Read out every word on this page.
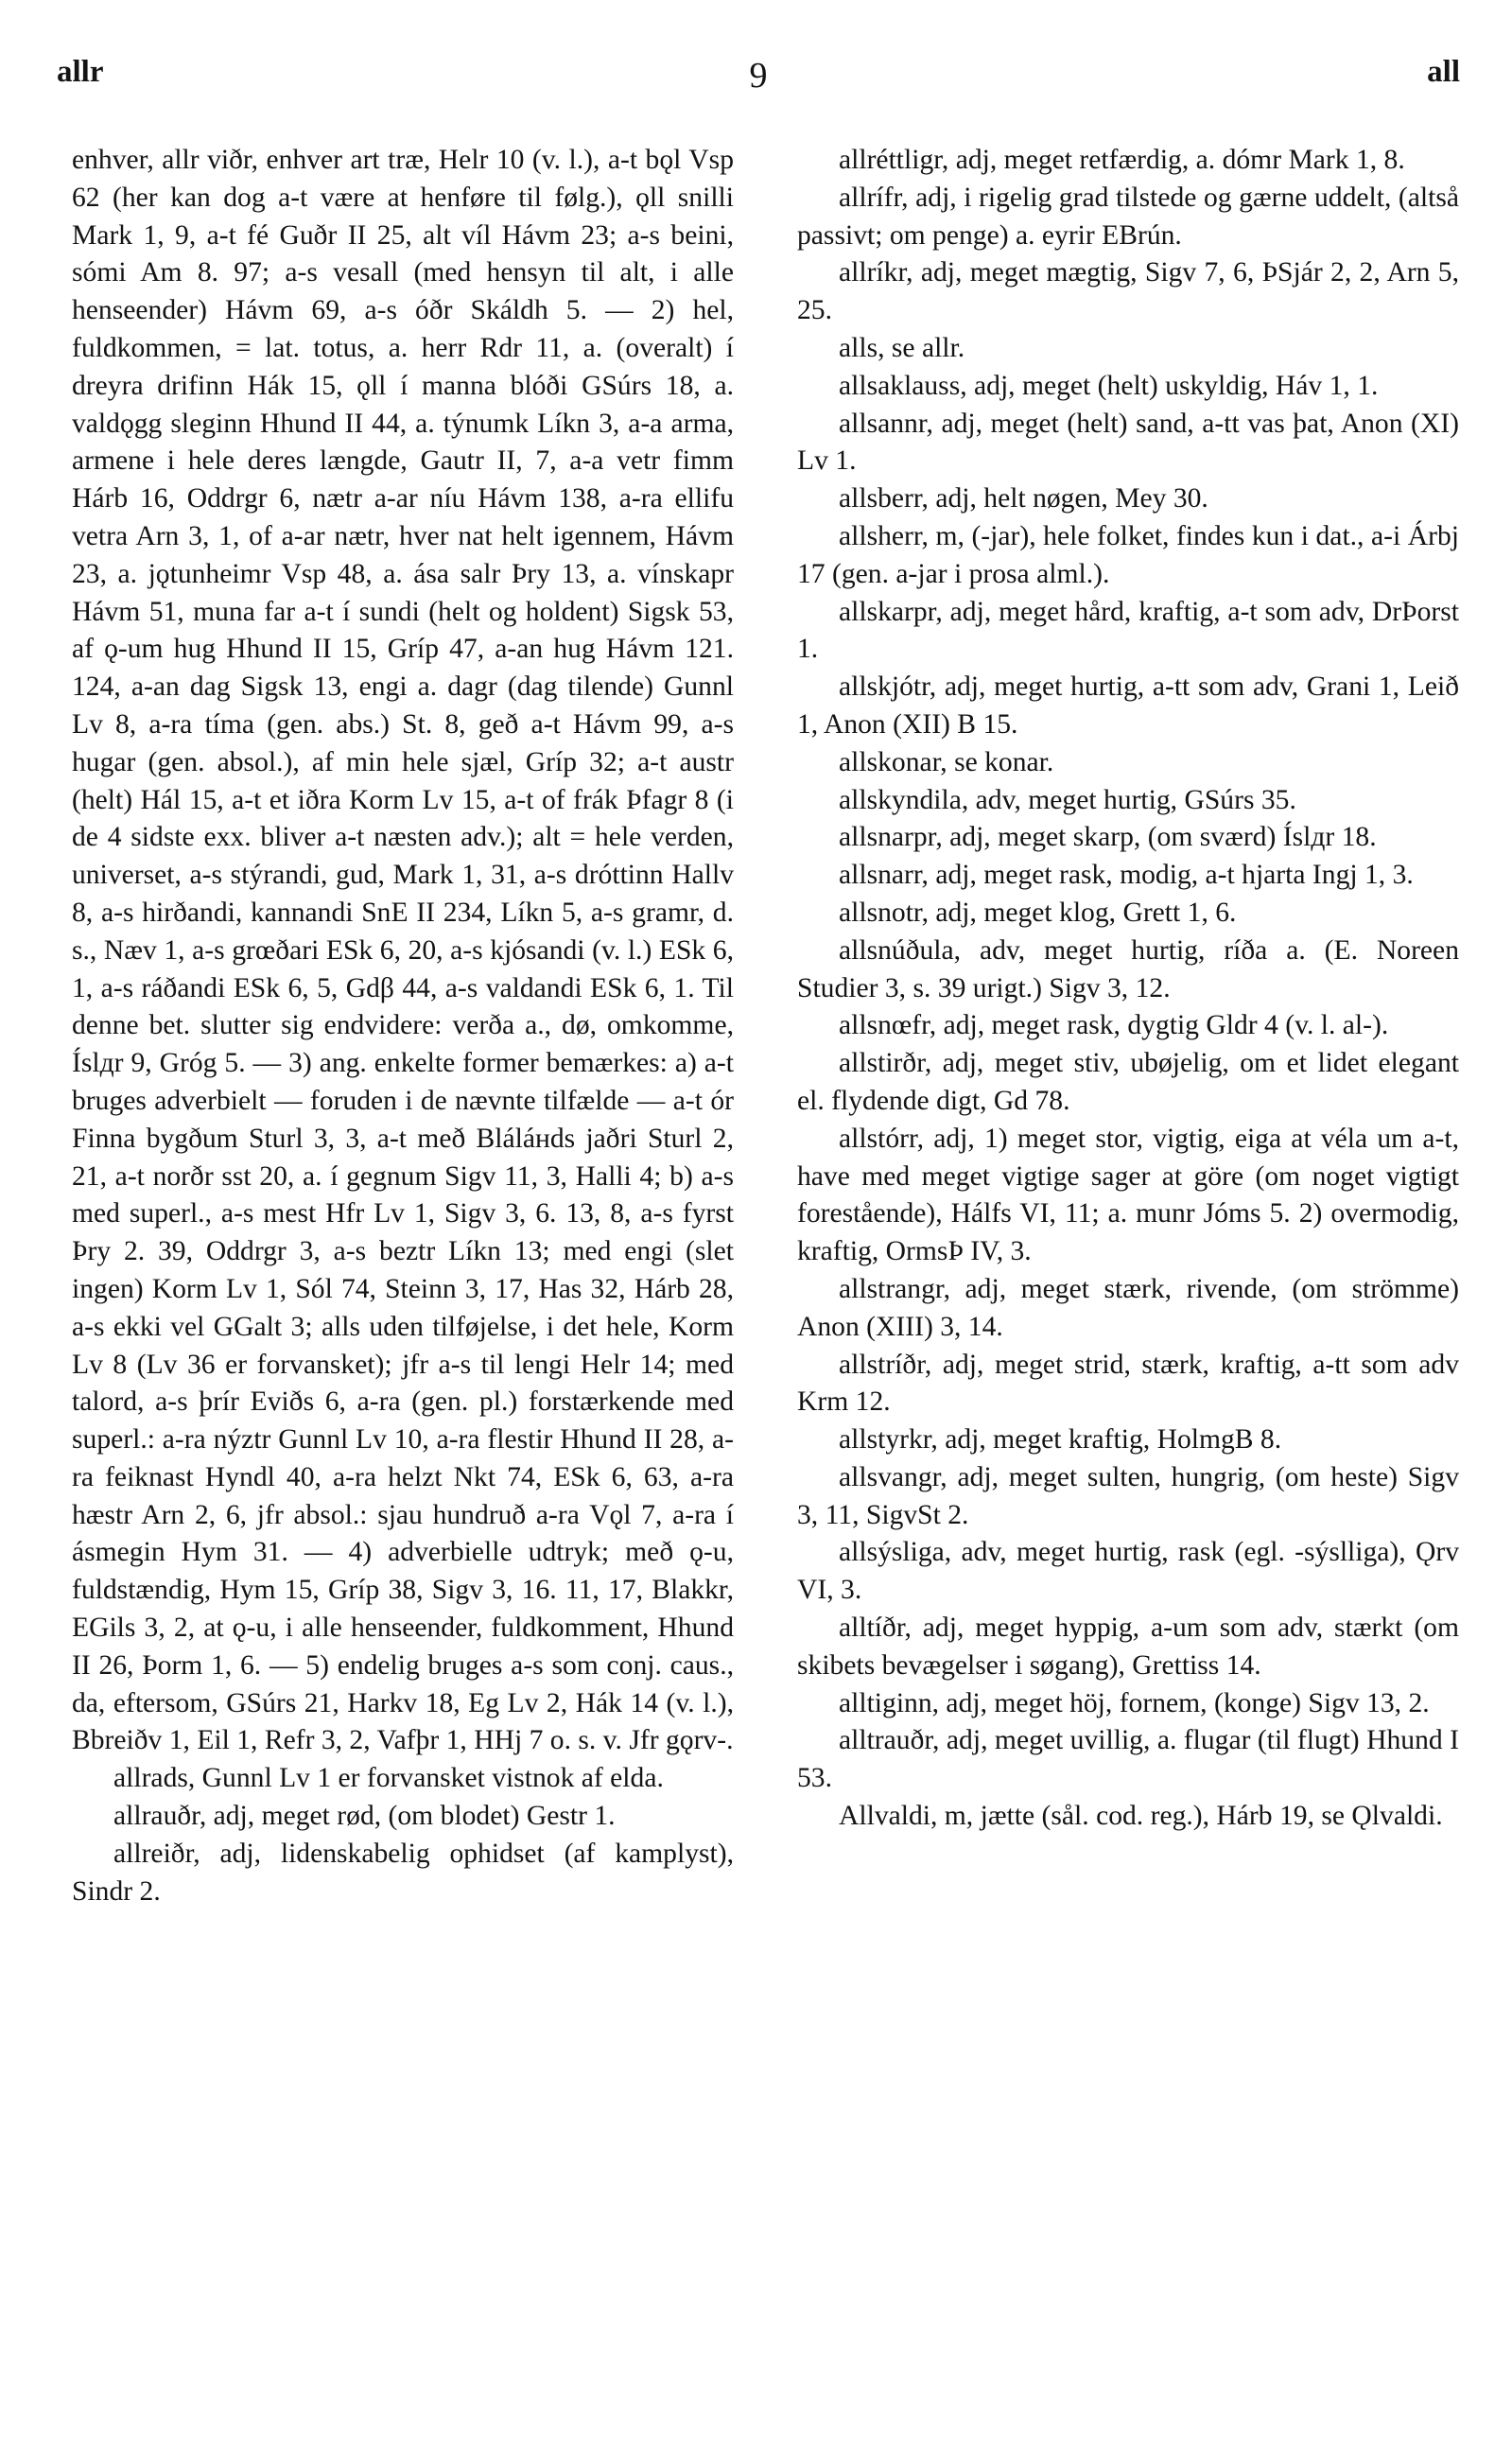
allr	9	all

enhver, allr viðr, enhver art træ, Helr 10 (v. l.), a-t bǫl Vsp 62 (her kan dog a-t være at henføre til følg.), ǫll snilli Mark 1, 9, a-t fé Guðr II 25, alt víl Hávm 23; a-s beini, sómi Am 8. 97; a-s vesall (med hensyn til alt, i alle henseender) Hávm 69, a-s óðr Skáldh 5. — 2) hel, fuldkommen, = lat. totus, a. herr Rdr 11, a. (overalt) í dreyra drifinn Hák 15, ǫll í manna blóði GSúrs 18, a. valdǫgg sleginn Hhund II 44, a. týnumk Líkn 3, a-a arma, armene i hele deres længde, Gautr II, 7, a-a vetr fimm Hárb 16, Oddrgr 6, nætr a-ar níu Hávm 138, a-ra ellifu vetra Arn 3, 1, of a-ar nætr, hver nat helt igennem, Hávm 23, a. jǫtunheimr Vsp 48, a. ása salr Þry 13, a. vínskapr Hávm 51, muna far a-t í sundi (helt og holdent) Sigsk 53, af ǫ-um hug Hhund II 15, Gríp 47, a-an hug Hávm 121. 124, a-an dag Sigsk 13, engi a. dagr (dag tilende) Gunnl Lv 8, a-ra tíma (gen. abs.) St. 8, geð a-t Hávm 99, a-s hugar (gen. absol.), af min hele sjæl, Gríp 32; a-t austr (helt) Hál 15, a-t et iðra Korm Lv 15, a-t of frák Þfagr 8 (i de 4 sidste exx. bliver a-t næsten adv.); alt = hele verden, universet, a-s stýrandi, gud, Mark 1, 31, a-s dróttinn Hallv 8, a-s hirðandi, kannandi SnE II 234, Líkn 5, a-s gramr, d. s., Næv 1, a-s grœðari ESk 6, 20, a-s kjósandi (v. l.) ESk 6, 1, a-s ráðandi ESk 6, 5, Gdβ 44, a-s valdandi ESk 6, 1. Til denne bet. slutter sig endvidere: verða a., dø, omkomme, Íslдr 9, Gróg 5. — 3) ang. enkelte former bemærkes: a) a-t bruges adverbielt — foruden i de nævnte tilfælde — a-t ór Finna bygðum Sturl 3, 3, a-t með Bláláнds jaðri Sturl 2, 21, a-t norðr sst 20, a. í gegnum Sigv 11, 3, Halli 4; b) a-s med superl., a-s mest Hfr Lv 1, Sigv 3, 6. 13, 8, a-s fyrst Þry 2. 39, Oddrgr 3, a-s beztr Líkn 13; med engi (slet ingen) Korm Lv 1, Sól 74, Steinn 3, 17, Has 32, Hárb 28, a-s ekki vel GGalt 3; alls uden tilføjelse, i det hele, Korm Lv 8 (Lv 36 er forvansket); jfr a-s til lengi Helr 14; med talord, a-s þrír Eviðs 6, a-ra (gen. pl.) forstærkende med superl.: a-ra nýztr Gunnl Lv 10, a-ra flestir Hhund II 28, a-ra feiknast Hyndl 40, a-ra helzt Nkt 74, ESk 6, 63, a-ra hæstr Arn 2, 6, jfr absol.: sjau hundruð a-ra Vǫl 7, a-ra í ásmegin Hym 31. — 4) adverbielle udtryk; með ǫ-u, fuldstændig, Hym 15, Gríp 38, Sigv 3, 16. 11, 17, Blakkr, EGils 3, 2, at ǫ-u, i alle henseender, fuldkomment, Hhund II 26, Þorm 1, 6. — 5) endelig bruges a-s som conj. caus., da, eftersom, GSúrs 21, Harkv 18, Eg Lv 2, Hák 14 (v. l.), Bbreiðv 1, Eil 1, Refr 3, 2, Vafþr 1, HHj 7 o. s. v. Jfr gǫrv-.

allrads, Gunnl Lv 1 er forvansket vistnok af elda.

allrauðr, adj, meget rød, (om blodet) Gestr 1.

allreiðr, adj, lidenskabelig ophidset (af kamplyst), Sindr 2.

allréttligr, adj, meget retfærdig, a. dómr Mark 1, 8.

allrífr, adj, i rigelig grad tilstede og gærne uddelt, (altså passivt; om penge) a. eyrir EBrún.

allríkr, adj, meget mægtig, Sigv 7, 6, ÞSjár 2, 2, Arn 5, 25.

alls, se allr.

allsaklauss, adj, meget (helt) uskyldig, Háv 1, 1.

allsannr, adj, meget (helt) sand, a-tt vas þat, Anon (XI) Lv 1.

allsberr, adj, helt nøgen, Mey 30.

allsherr, m, (-jar), hele folket, findes kun i dat., a-i Árbj 17 (gen. a-jar i prosa alml.).

allskarpr, adj, meget hård, kraftig, a-t som adv, DrÞorst 1.

allskjótr, adj, meget hurtig, a-tt som adv, Grani 1, Leið 1, Anon (XII) B 15.

allskonar, se konar.

allskyndila, adv, meget hurtig, GSúrs 35.

allsnarpr, adj, meget skarp, (om sværd) Íslдr 18.

allsnarr, adj, meget rask, modig, a-t hjarta Ingj 1, 3.

allsnotr, adj, meget klog, Grett 1, 6.

allsnúðula, adv, meget hurtig, ríða a. (E. Noreen Studier 3, s. 39 urigt.) Sigv 3, 12.

allsnœfr, adj, meget rask, dygtig Gldr 4 (v. l. al-).

allstirðr, adj, meget stiv, ubøjelig, om et lidet elegant el. flydende digt, Gd 78.

allstórr, adj, 1) meget stor, vigtig, eiga at véla um a-t, have med meget vigtige sager at göre (om noget vigtigt forestående), Hálfs VI, 11; a. munr Jóms 5. 2) overmodig, kraftig, OrmsÞ IV, 3.

allstrangr, adj, meget stærk, rivende, (om strömme) Anon (XIII) 3, 14.

allstríðr, adj, meget strid, stærk, kraftig, a-tt som adv Krm 12.

allstyrkr, adj, meget kraftig, HolmgB 8.

allsvangr, adj, meget sulten, hungrig, (om heste) Sigv 3, 11, SigvSt 2.

allsýsliga, adv, meget hurtig, rask (egl. -sýslliga), Ǫrv VI, 3.

alltíðr, adj, meget hyppig, a-um som adv, stærkt (om skibets bevægelser i søgang), Grettiss 14.

alltiginn, adj, meget höj, fornem, (konge) Sigv 13, 2.

alltrauðr, adj, meget uvillig, a. flugar (til flugt) Hhund I 53.

Allvaldi, m, jætte (sål. cod. reg.), Hárb 19, se Ǫlvaldi.
